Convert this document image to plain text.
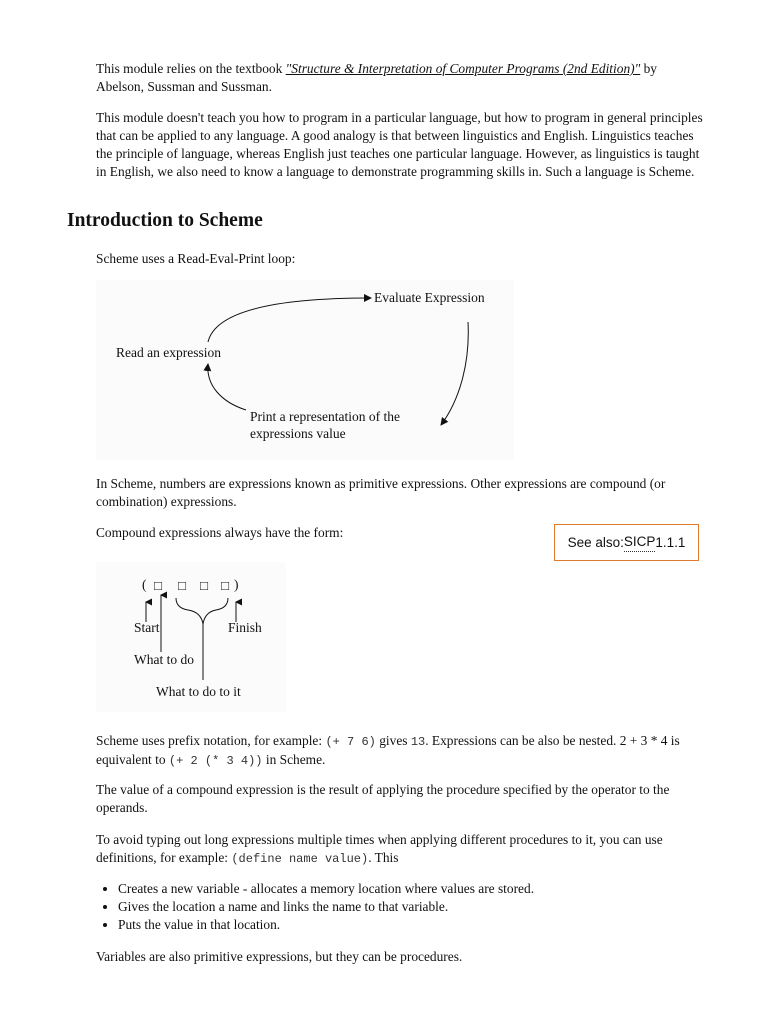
This module relies on the textbook "Structure & Interpretation of Computer Programs (2nd Edition)" by Abelson, Sussman and Sussman.

This module doesn't teach you how to program in a particular language, but how to program in general principles that can be applied to any language. A good analogy is that between linguistics and English. Linguistics teaches the principle of language, whereas English just teaches one particular language. However, as linguistics is taught in English, we also need to know a language to demonstrate programming skills in. Such a language is Scheme.

Introduction to Scheme

Scheme uses a Read-Eval-Print loop:

Evaluate Expression
Read an expression
Print a representation of the
expressions value

In Scheme, numbers are expressions known as primitive expressions. Other expressions are compound (or combination) expressions.

Compound expressions always have the form:

See also: SICP 1.1.1
( □ □ □ □ )
Start	Finish
What to do
What to do to it

Scheme uses prefix notation, for example: (+ 7 6) gives 13. Expressions can be also be nested. 2 + 3 * 4 is equivalent to (+ 2 (* 3 4)) in Scheme.

The value of a compound expression is the result of applying the procedure specified by the operator to the operands.

To avoid typing out long expressions multiple times when applying different procedures to it, you can use definitions, for example: (define name value). This

• Creates a new variable - allocates a memory location where values are stored.
• Gives the location a name and links the name to that variable.
• Puts the value in that location.

Variables are also primitive expressions, but they can be procedures.
